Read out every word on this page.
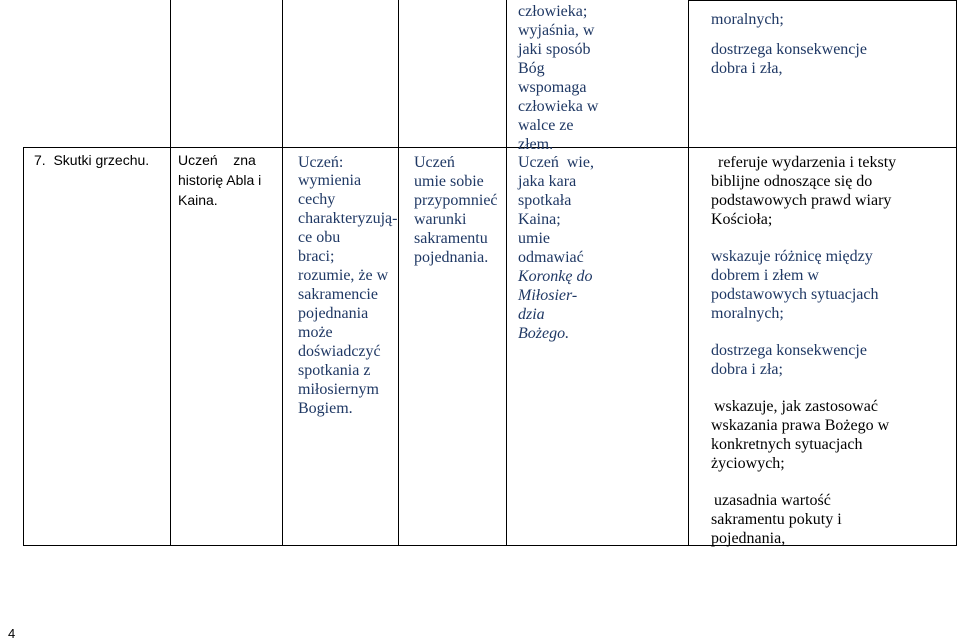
7.  Skutki grzechu. Uczeń    zna
historię Abla i
Kaina.
Uczeń:
wymienia
cechy
charakteryzują-
ce obu
braci;
rozumie, że w
sakramencie
pojednania
może
doświadczyć
spotkania z
miłosiernym
Bogiem.
Uczeń
umie sobie
przypomnieć
warunki
sakramentu
pojednania.
człowieka;
wyjaśnia, w
jaki sposób
Bóg
wspomaga
człowieka w
walce ze
złem.
Uczeń  wie,
jaka kara
spotkała
Kaina;
umie
odmawiać
Koronkę do
Miłosier-
dzia
Bożego.
moralnych;
dostrzega konsekwencje
dobra i zła,
referuje wydarzenia i teksty
biblijne odnoszące się do
podstawowych prawd wiary
Kościoła;
wskazuje różnicę między
dobrem i złem w
podstawowych sytuacjach
moralnych;
dostrzega konsekwencje
dobra i zła;
wskazuje, jak zastosować
wskazania prawa Bożego w
konkretnych sytuacjach
życiowych;
uzasadnia wartość
sakramentu pokuty i
pojednania,
4
